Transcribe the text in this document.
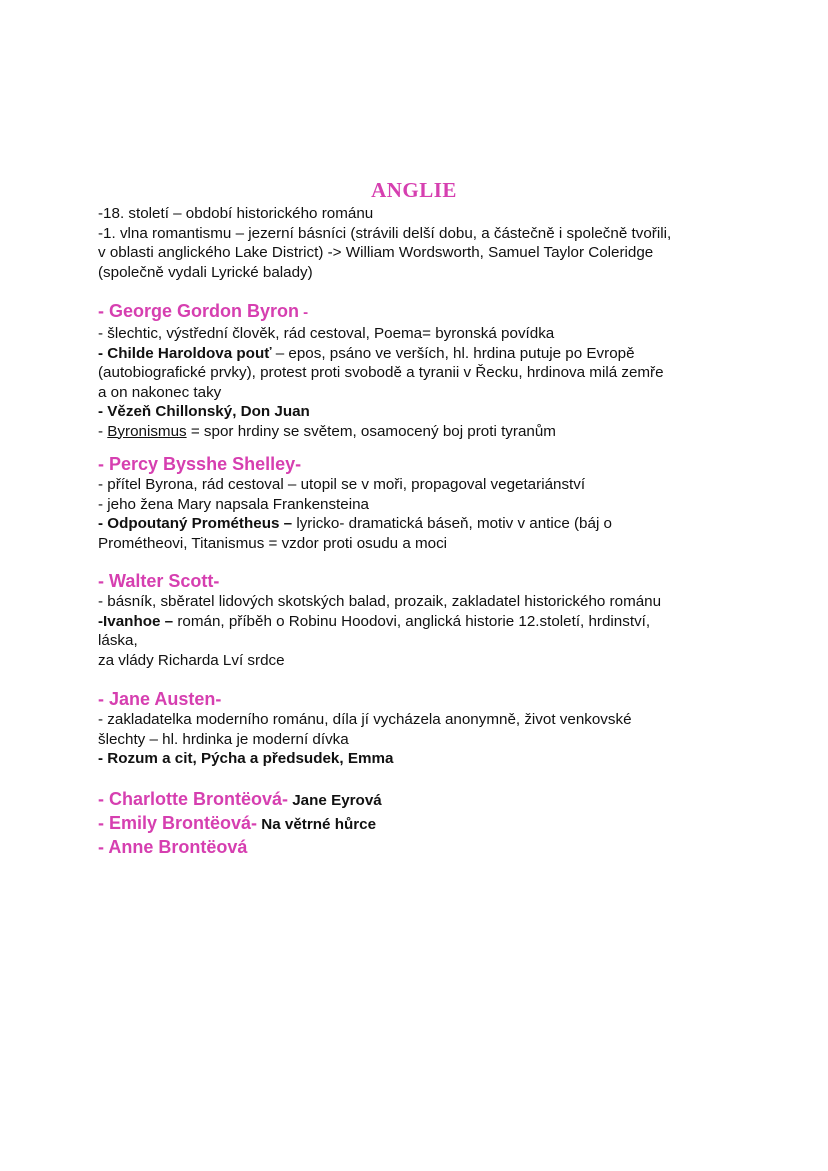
ANGLIE
-18. století – období historického románu
-1. vlna romantismu – jezerní básníci (strávili delší dobu, a částečně i společně tvořili,
v oblasti anglického Lake District) -> William Wordsworth, Samuel Taylor Coleridge
(společně vydali Lyrické balady)
- George Gordon Byron -
- šlechtic, výstřední člověk, rád cestoval, Poema= byronská povídka
- Childe Haroldova pouť – epos, psáno ve verších, hl. hrdina putuje po Evropě
(autobiografické prvky), protest proti svobodě a tyranii v Řecku, hrdinova milá zemře
a on nakonec taky
- Vězeň Chillonský, Don Juan
- Byronismus = spor hrdiny se světem, osamocený boj proti tyranům
- Percy Bysshe Shelley-
- přítel Byrona, rád cestoval – utopil se v moři, propagoval vegetariánství
- jeho žena Mary napsala Frankensteina
- Odpoutaný Prométheus – lyricko- dramatická báseň, motiv v antice (báj o
Prométheovi, Titanismus = vzdor proti osudu a moci
- Walter Scott-
- básník, sběratel lidových skotských balad, prozaik, zakladatel historického románu
-Ivanhoe – román, příběh o Robinu Hoodovi, anglická historie 12.století, hrdinství,
láska,
za vlády Richarda Lví srdce
- Jane Austen-
- zakladatelka moderního románu, díla jí vycházela anonymně, život venkovské
šlechty – hl. hrdinka je moderní dívka
- Rozum a cit, Pýcha a předsudek, Emma
- Charlotte Brontëová- Jane Eyrová
- Emily Brontëová- Na větrné hůrce
- Anne Brontëová
